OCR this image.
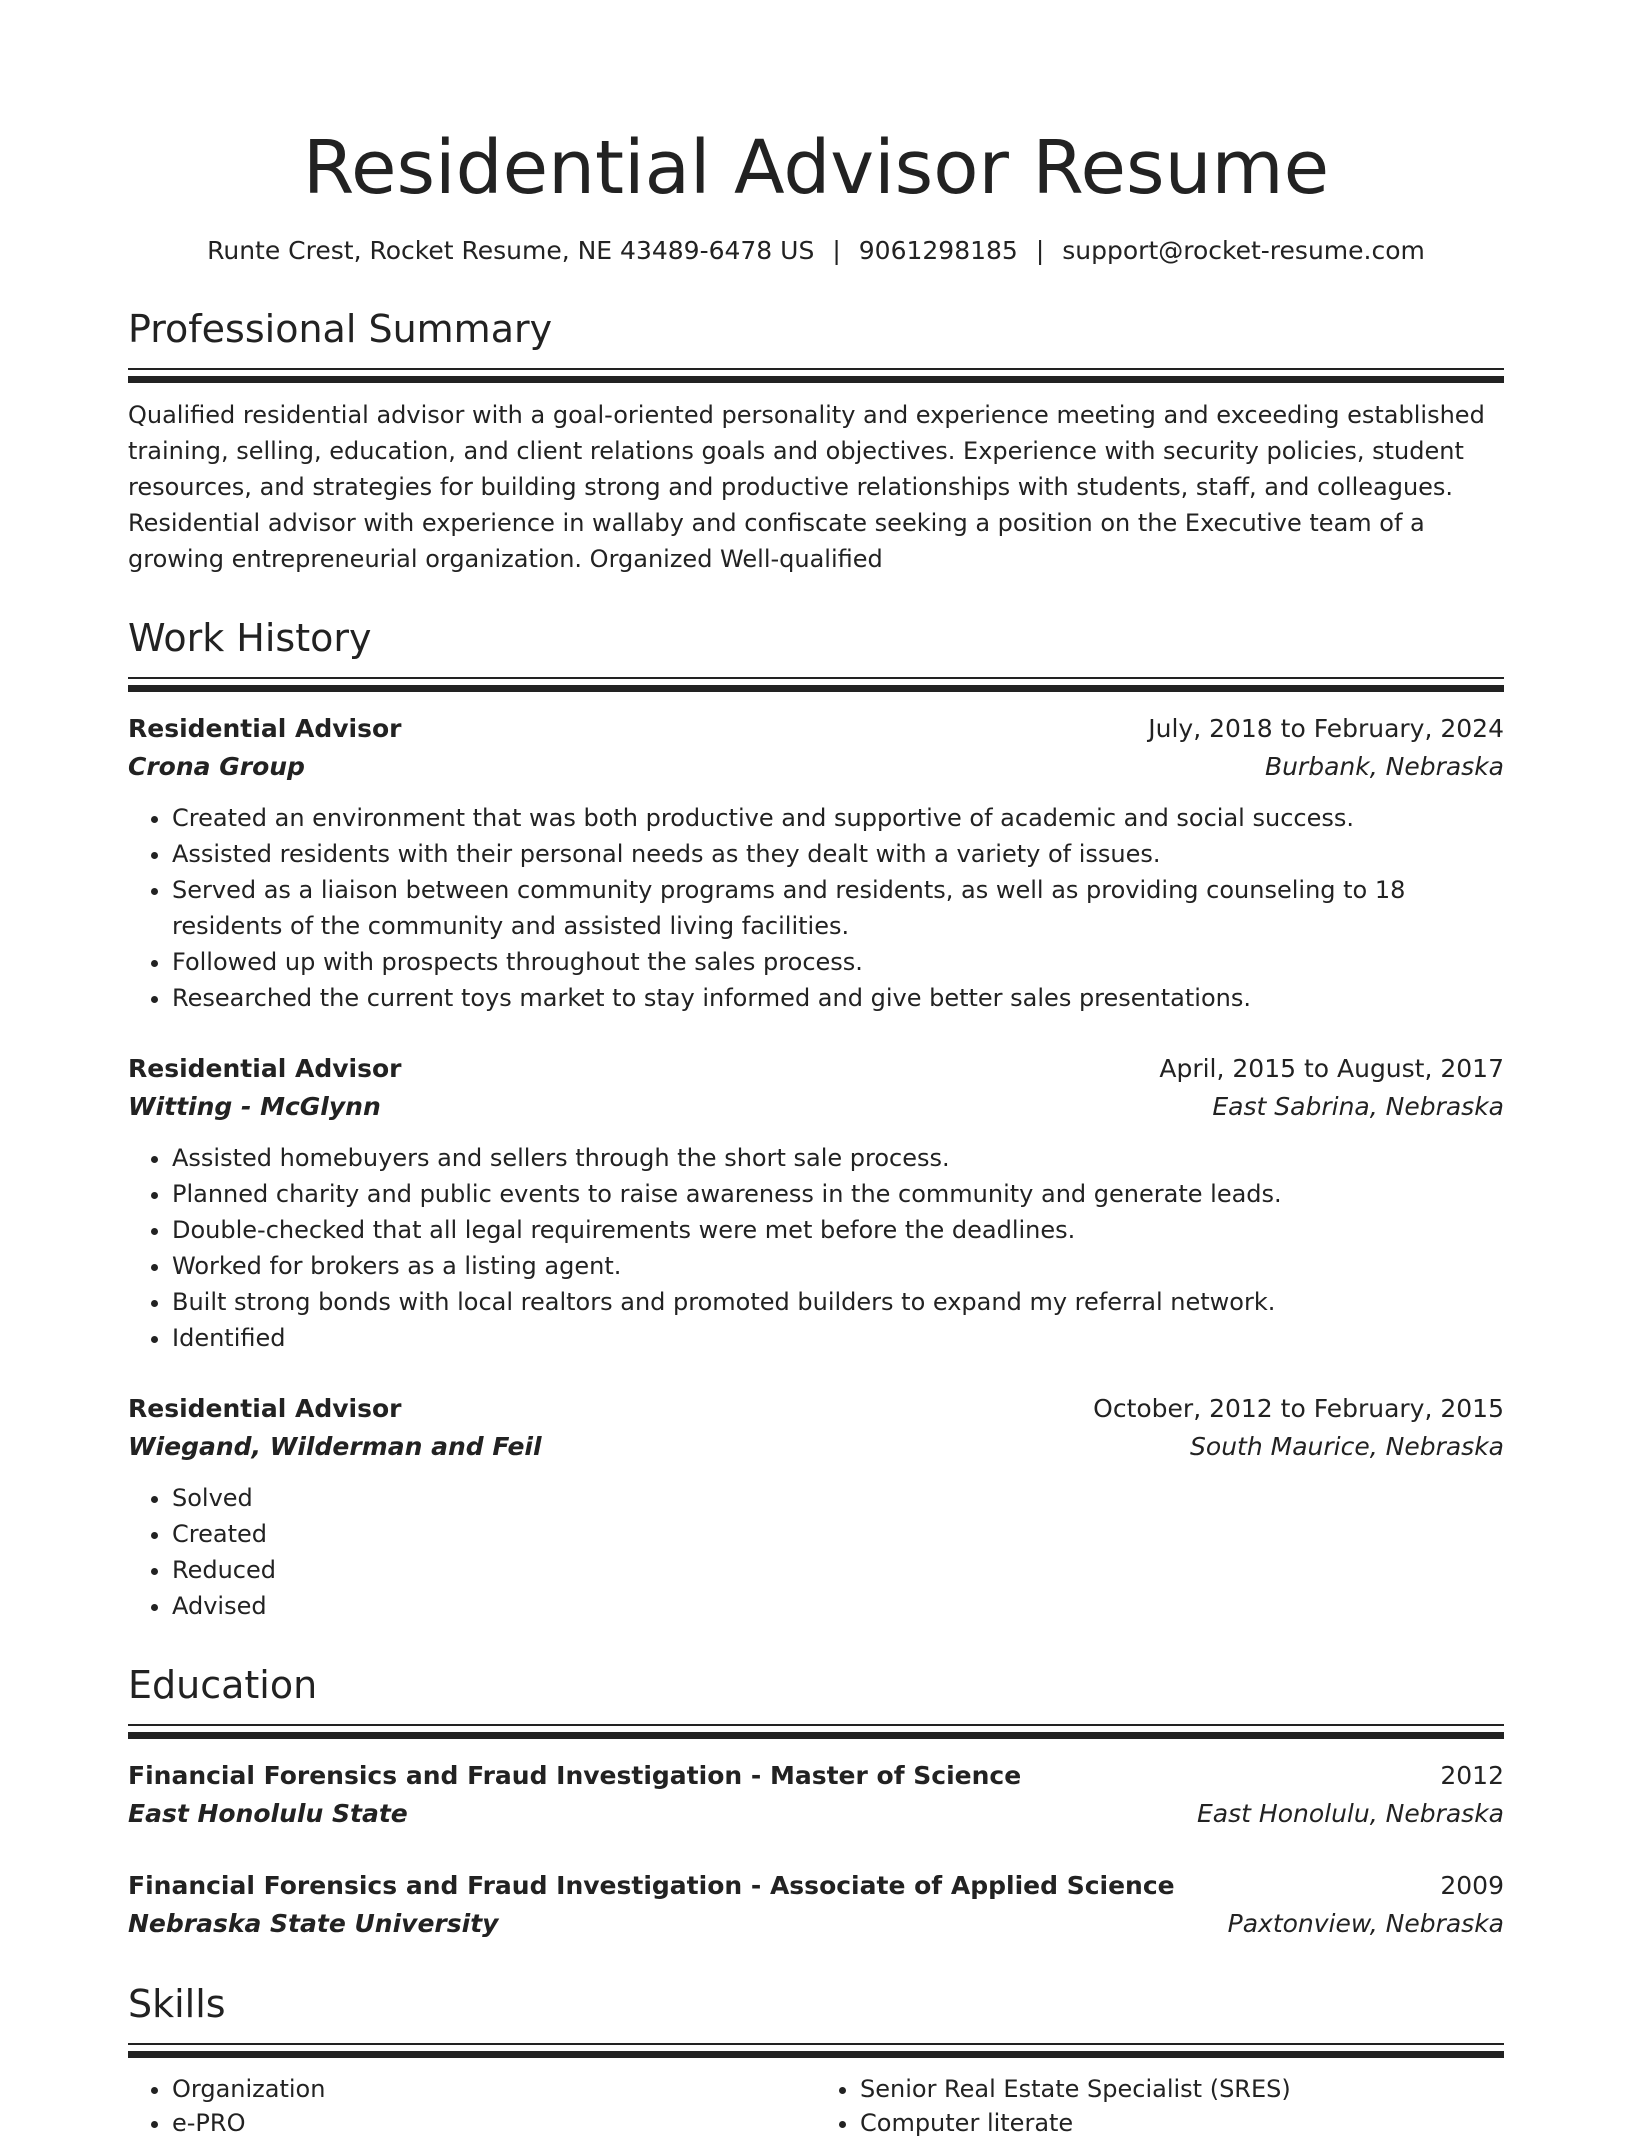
Residential Advisor Resume
Runte Crest, Rocket Resume, NE 43489-6478 US | 9061298185 | support@rocket-resume.com
Professional Summary
Qualified residential advisor with a goal-oriented personality and experience meeting and exceeding established training, selling, education, and client relations goals and objectives. Experience with security policies, student resources, and strategies for building strong and productive relationships with students, staff, and colleagues. Residential advisor with experience in wallaby and confiscate seeking a position on the Executive team of a growing entrepreneurial organization. Organized Well-qualified
Work History
Residential Advisor	July, 2018 to February, 2024
Crona Group	Burbank, Nebraska
• Created an environment that was both productive and supportive of academic and social success.
• Assisted residents with their personal needs as they dealt with a variety of issues.
• Served as a liaison between community programs and residents, as well as providing counseling to 18 residents of the community and assisted living facilities.
• Followed up with prospects throughout the sales process.
• Researched the current toys market to stay informed and give better sales presentations.
Residential Advisor	April, 2015 to August, 2017
Witting - McGlynn	East Sabrina, Nebraska
• Assisted homebuyers and sellers through the short sale process.
• Planned charity and public events to raise awareness in the community and generate leads.
• Double-checked that all legal requirements were met before the deadlines.
• Worked for brokers as a listing agent.
• Built strong bonds with local realtors and promoted builders to expand my referral network.
• Identified
Residential Advisor	October, 2012 to February, 2015
Wiegand, Wilderman and Feil	South Maurice, Nebraska
• Solved
• Created
• Reduced
• Advised
Education
Financial Forensics and Fraud Investigation - Master of Science	2012
East Honolulu State	East Honolulu, Nebraska
Financial Forensics and Fraud Investigation - Associate of Applied Science	2009
Nebraska State University	Paxtonview, Nebraska
Skills
• Organization
• e-PRO
• Senior Real Estate Specialist (SRES)
• Computer literate
